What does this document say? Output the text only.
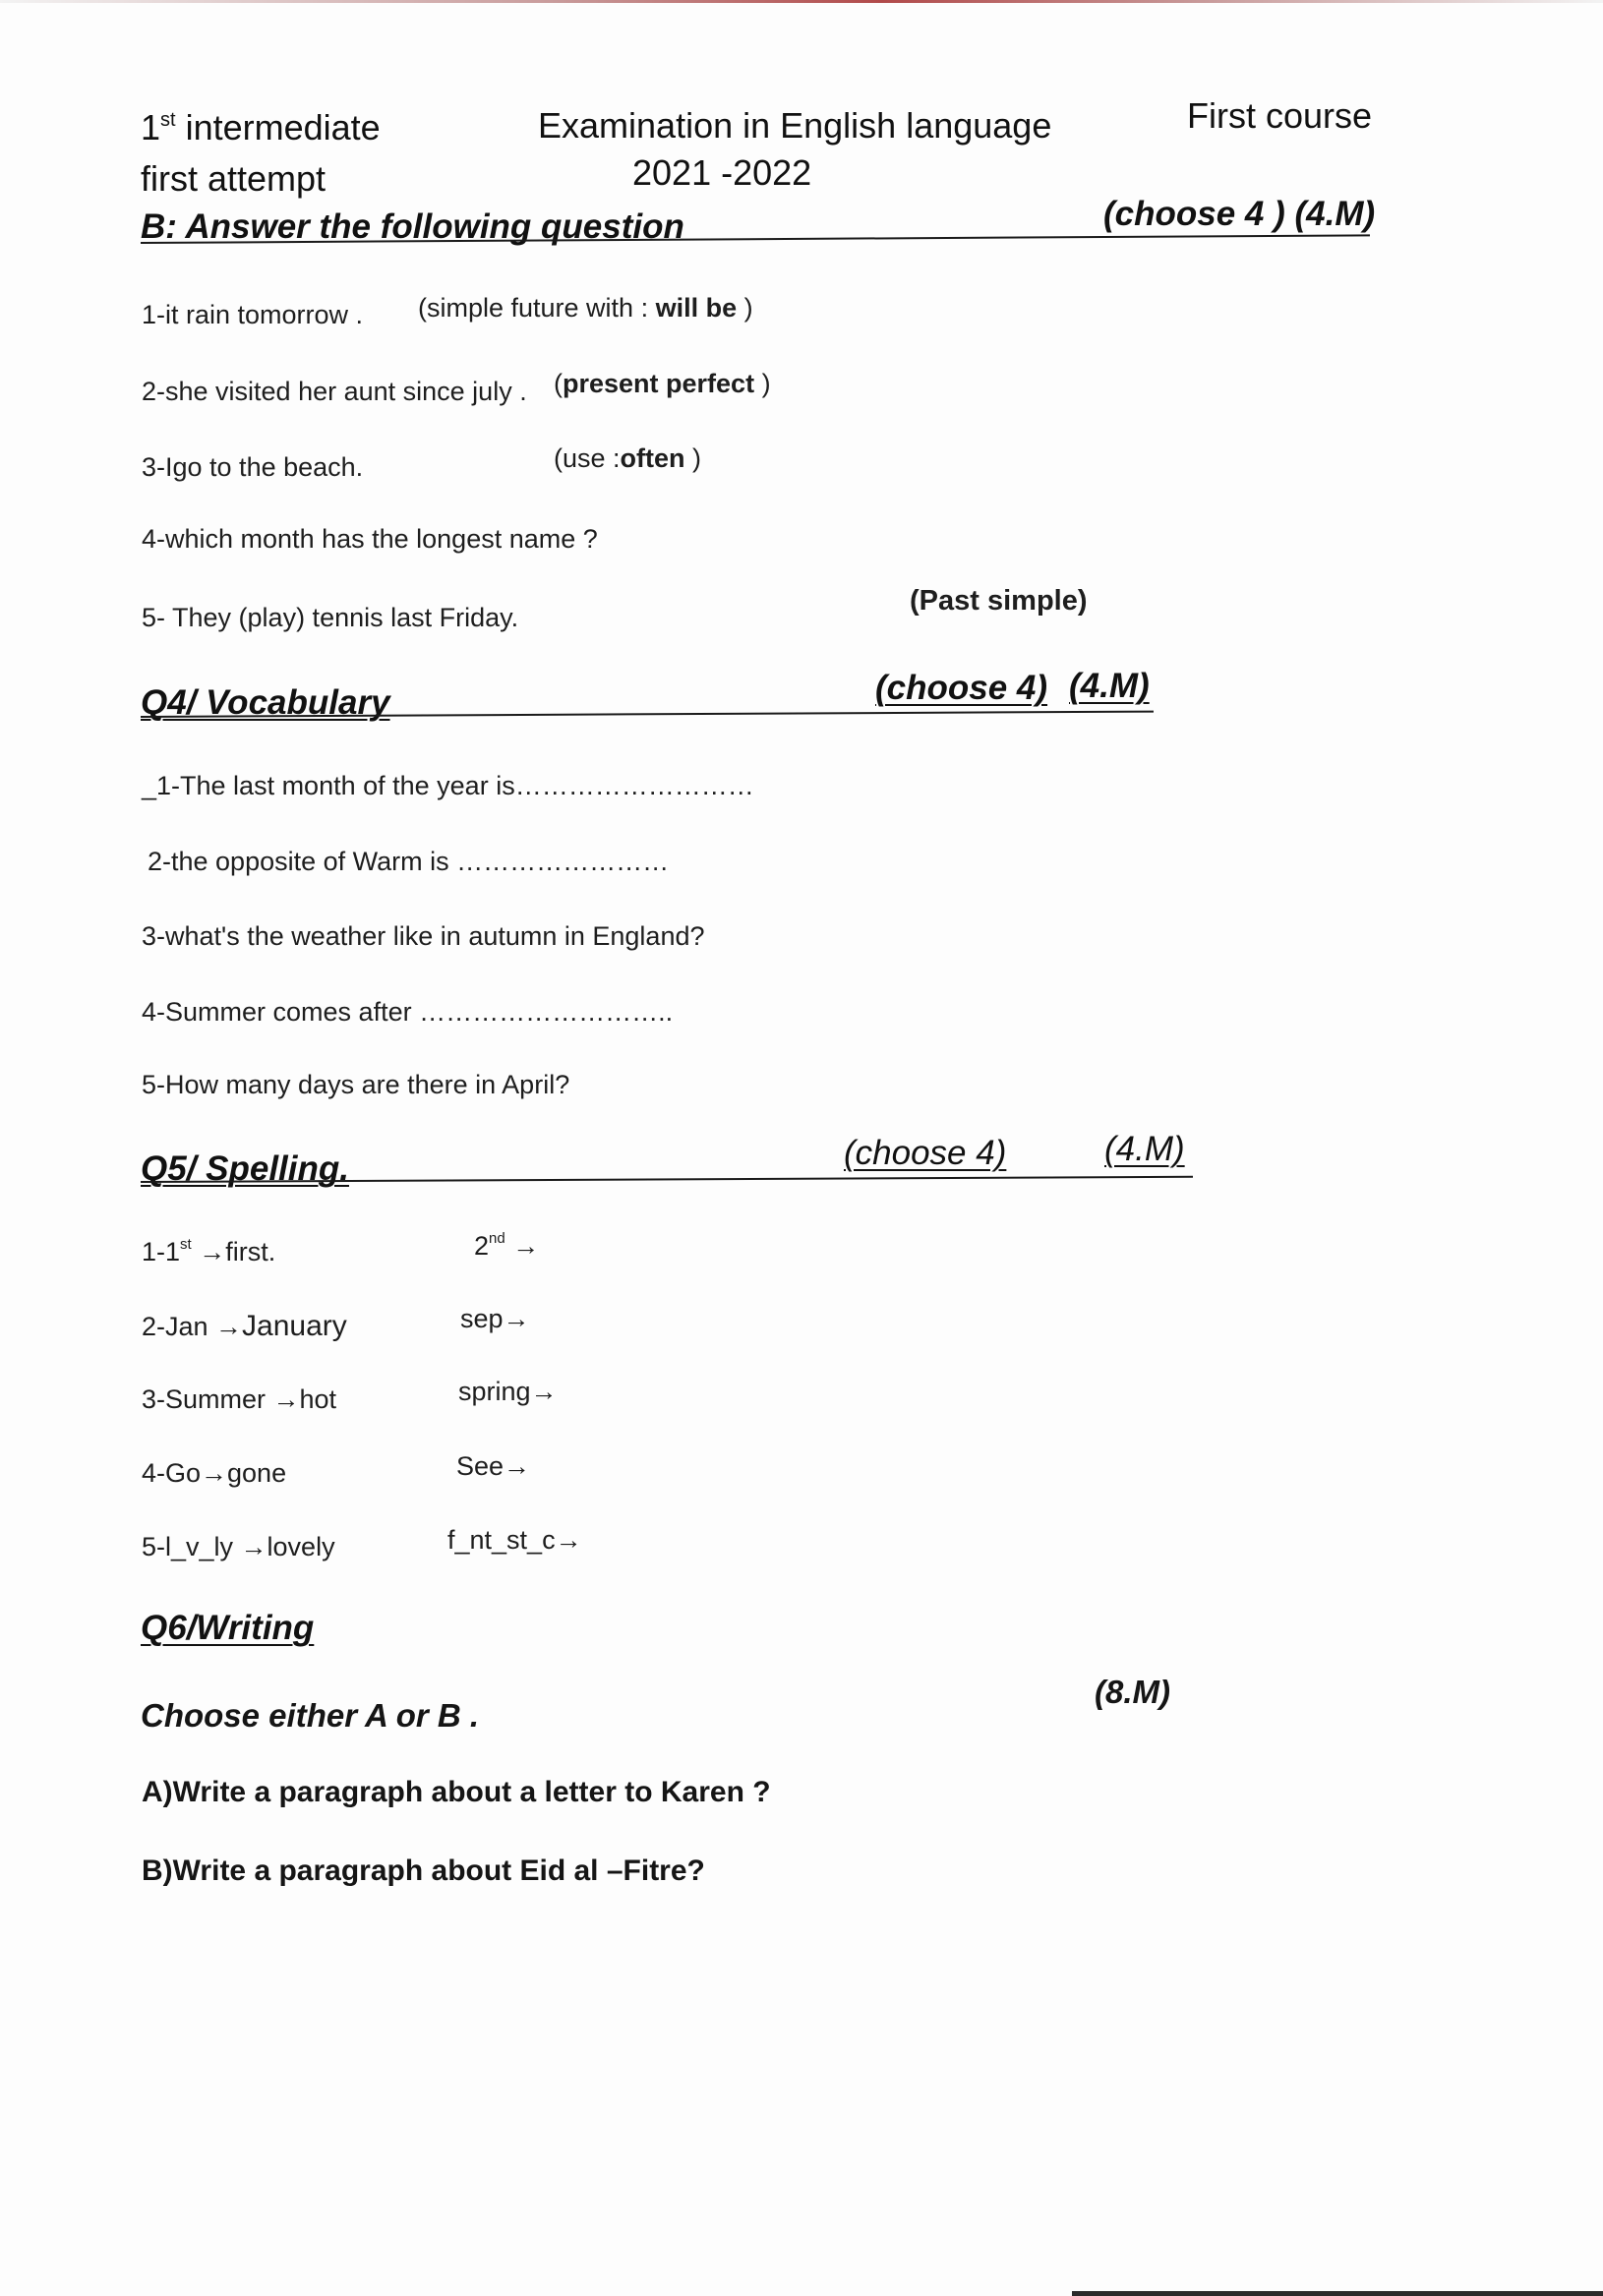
1st intermediate
first attempt
Examination in English language
2021 -2022
First course
B: Answer the following question	(choose 4 ) (4.M)
1-it rain tomorrow . (simple future with : will be )
2-she visited her aunt since july . (present perfect )
3-Igo to the beach.	(use :often )
4-which month has the longest name ?
5- They (play) tennis last Friday.
(Past simple)
Q4/ Vocabulary	(choose 4) (4.M)
_1-The last month of the year is………………………
2-the opposite of Warm is ……………………
3-what's the weather like in autumn in England?
4-Summer comes after ………………………..
5-How many days are there in April?
Q5/ Spelling.	(choose 4)	(4.M)
1-1st →first.	2nd →
2-Jan →January	sep→
3-Summer →hot	spring→
4-Go→gone	See→
5-l_v_ly →lovely	f_nt_st_c→
Q6/Writing
Choose either A or B .
(8.M)
A)Write a paragraph about a letter to Karen ?
B)Write a paragraph about Eid al –Fitre?
